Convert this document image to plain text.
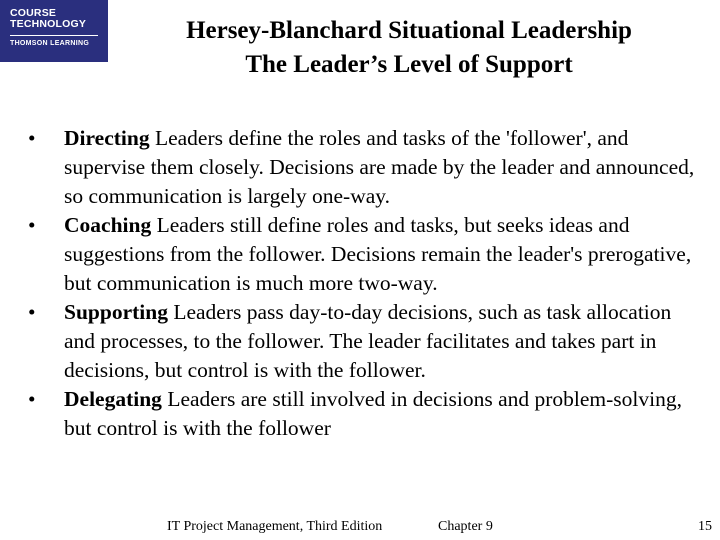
COURSE
TECHNOLOGY
THOMSON LEARNING	Hersey-Blanchard Situational Leadership
The Leader’s Level of Support
•	Directing Leaders define the roles and tasks of the 'follower', and supervise them closely. Decisions are made by the leader and announced, so communication is largely one-way.
•	Coaching Leaders still define roles and tasks, but seeks ideas and suggestions from the follower. Decisions remain the leader's prerogative, but communication is much more two-way.
•	Supporting Leaders pass day-to-day decisions, such as task allocation and processes, to the follower. The leader facilitates and takes part in decisions, but control is with the follower.
•	Delegating Leaders are still involved in decisions and problem-solving, but control is with the follower
IT Project Management, Third Edition	Chapter 9	15
